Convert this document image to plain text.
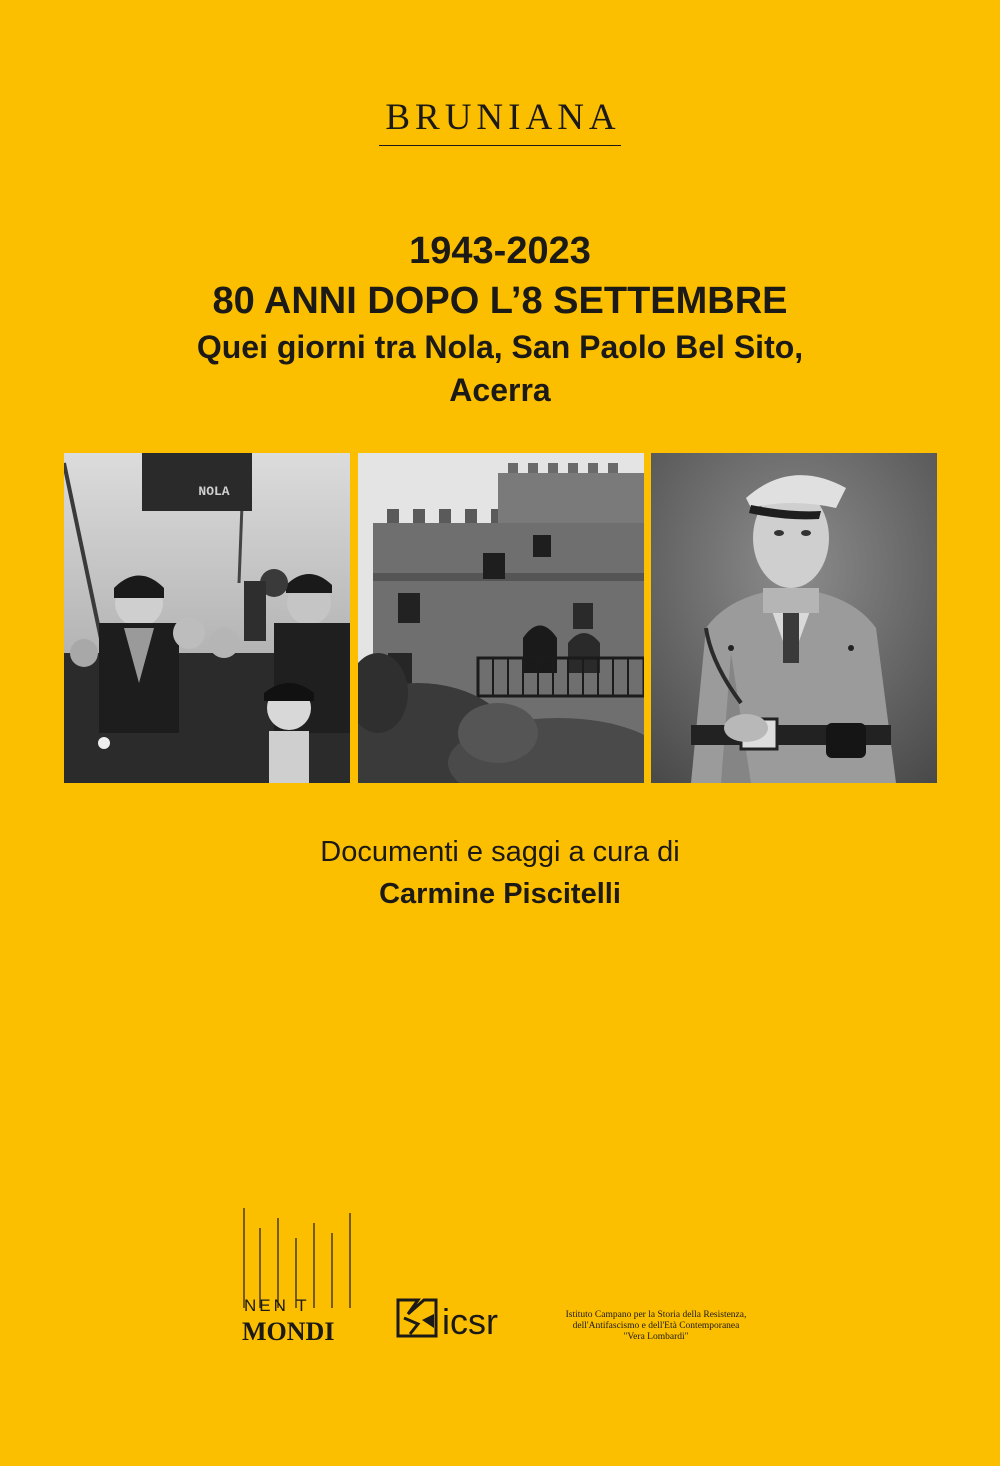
BRUNIANA
1943-2023
80 ANNI DOPO L’8 SETTEMBRE
Quei giorni tra Nola, San Paolo Bel Sito,
Acerra
NOLA
Documenti e saggi a cura di
Carmine Piscitelli
NEN T
MONDI	icsr	Istituto Campano per la Storia della Resistenza,
dell'Antifascismo e dell'Età Contemporanea
"Vera Lombardi"
